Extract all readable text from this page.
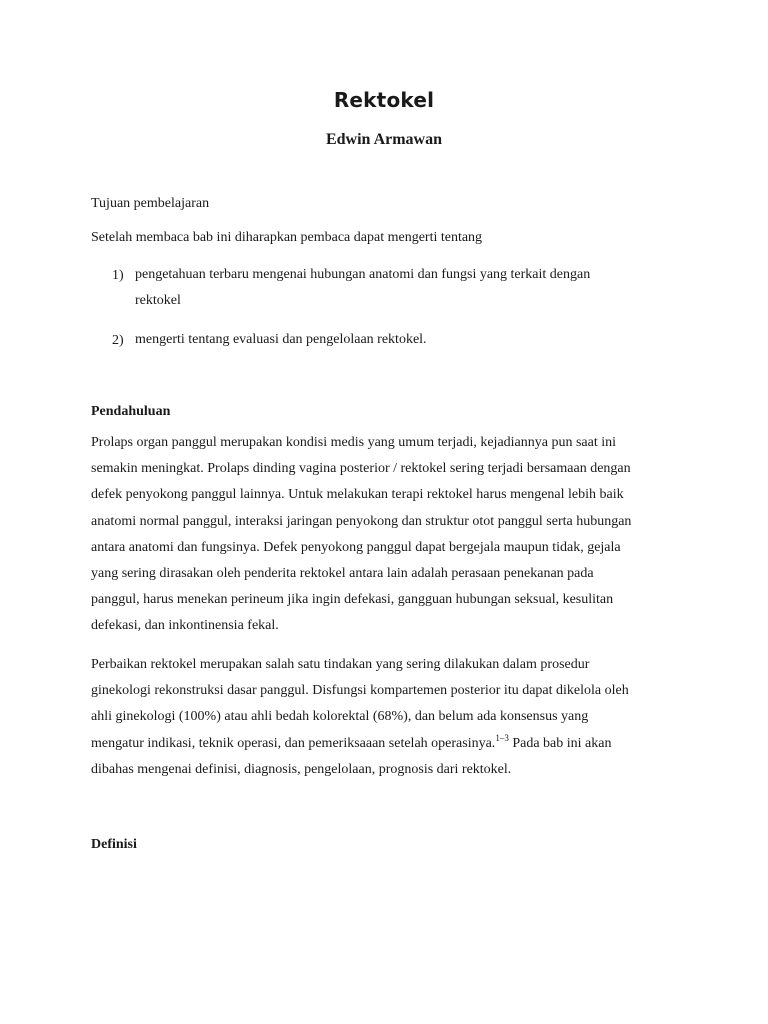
Rektokel
Edwin Armawan
Tujuan pembelajaran
Setelah membaca bab ini diharapkan pembaca dapat mengerti tentang
1) pengetahuan terbaru mengenai hubungan anatomi dan fungsi yang terkait dengan
rektokel
2) mengerti tentang evaluasi dan pengelolaan rektokel.
Pendahuluan
Prolaps organ panggul merupakan kondisi medis yang umum terjadi, kejadiannya pun saat ini
semakin meningkat. Prolaps dinding vagina posterior / rektokel sering terjadi bersamaan dengan
defek penyokong panggul lainnya. Untuk melakukan terapi rektokel harus mengenal lebih baik
anatomi normal panggul, interaksi jaringan penyokong dan struktur otot panggul serta hubungan
antara anatomi dan fungsinya. Defek penyokong panggul dapat bergejala maupun tidak, gejala
yang sering dirasakan oleh penderita rektokel antara lain adalah perasaan penekanan pada
panggul, harus menekan perineum jika ingin defekasi, gangguan hubungan seksual, kesulitan
defekasi, dan inkontinensia fekal.
Perbaikan rektokel merupakan salah satu tindakan yang sering dilakukan dalam prosedur
ginekologi rekonstruksi dasar panggul. Disfungsi kompartemen posterior itu dapat dikelola oleh
ahli ginekologi (100%) atau ahli bedah kolorektal (68%), dan belum ada konsensus yang
mengatur indikasi, teknik operasi, dan pemeriksaaan setelah operasinya.$^{1-3}$ Pada bab ini akan
dibahas mengenai definisi, diagnosis, pengelolaan, prognosis dari rektokel.
Definisi
